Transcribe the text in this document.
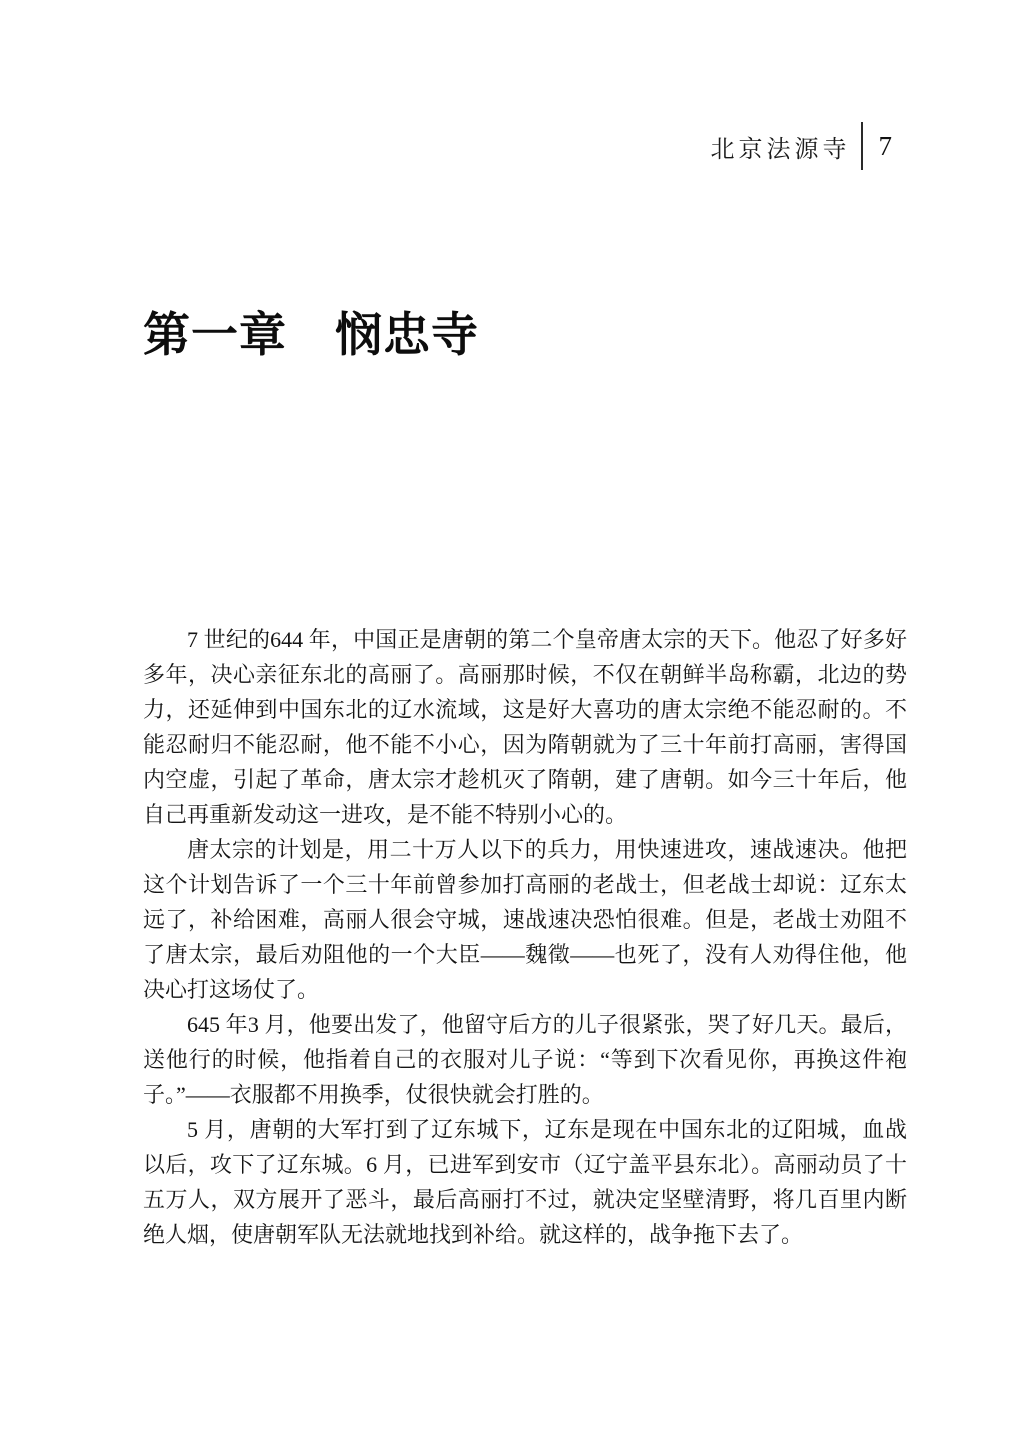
北京法源寺 7
第一章　悯忠寺

7 世纪的644 年，中国正是唐朝的第二个皇帝唐太宗的天下。他忍了好多好多年，决心亲征东北的高丽了。高丽那时候，不仅在朝鲜半岛称霸，北边的势力，还延伸到中国东北的辽水流域，这是好大喜功的唐太宗绝不能忍耐的。不能忍耐归不能忍耐，他不能不小心，因为隋朝就为了三十年前打高丽，害得国内空虚，引起了革命，唐太宗才趁机灭了隋朝，建了唐朝。如今三十年后，他自己再重新发动这一进攻，是不能不特别小心的。

唐太宗的计划是，用二十万人以下的兵力，用快速进攻，速战速决。他把这个计划告诉了一个三十年前曾参加打高丽的老战士，但老战士却说：辽东太远了，补给困难，高丽人很会守城，速战速决恐怕很难。但是，老战士劝阻不了唐太宗，最后劝阻他的一个大臣——魏徵——也死了，没有人劝得住他，他决心打这场仗了。

645 年3 月，他要出发了，他留守后方的儿子很紧张，哭了好几天。最后，送他行的时候，他指着自己的衣服对儿子说：“等到下次看见你，再换这件袍子。”——衣服都不用换季，仗很快就会打胜的。

5 月，唐朝的大军打到了辽东城下，辽东是现在中国东北的辽阳城，血战以后，攻下了辽东城。6 月，已进军到安市（辽宁盖平县东北）。高丽动员了十五万人，双方展开了恶斗，最后高丽打不过，就决定坚壁清野，将几百里内断绝人烟，使唐朝军队无法就地找到补给。就这样的，战争拖下去了。
